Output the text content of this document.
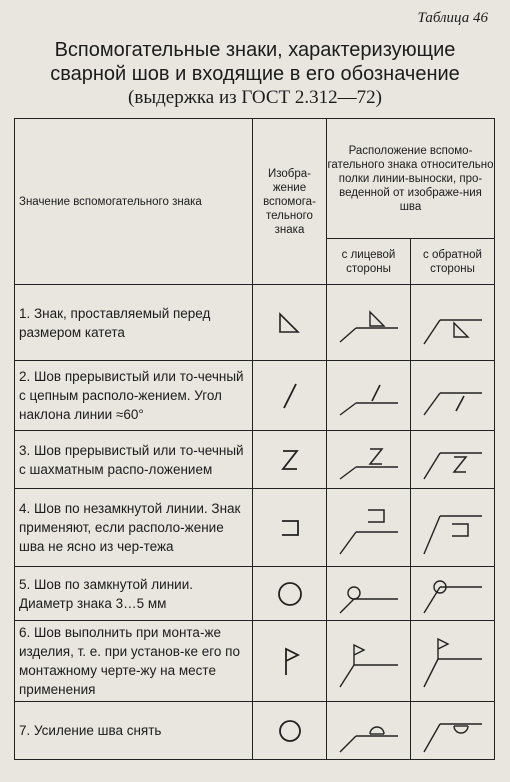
Таблица 46
Вспомогательные знаки, характеризующие
сварной шов и входящие в его обозначение
(выдержка из ГОСТ 2.312—72)
Значение вспомогательного знака	Изобра-жение вспомога-тельного знака	Расположение вспомо-гательного знака относительно полки линии-выноски, про-веденной от изображе-ния шва	
		с лицевой стороны	с обратной стороны
1. Знак, проставляемый перед размером катета	

2. Шов прерывистый или то-чечный с цепным располо-жением. Угол наклона линии ≈60°	

3. Шов прерывистый или то-чечный с шахматным распо-ложением	

4. Шов по незамкнутой линии. Знак применяют, если располо-жение шва не ясно из чер-тежа	

5. Шов по замкнутой линии. Диаметр знака 3…5 мм	

6. Шов выполнить при монта-же изделия, т. е. при установ-ке его по монтажному черте-жу на месте применения	

7. Усиление шва снять	
